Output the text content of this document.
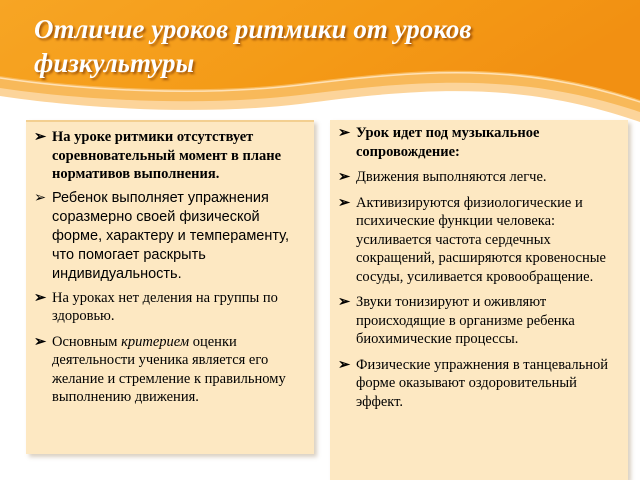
Отличие уроков ритмики от уроков физкультуры
➢ На уроке ритмики отсутствует соревновательный момент в плане нормативов выполнения.
➢ Ребенок выполняет упражнения соразмерно своей физической форме, характеру и темпераменту, что помогает раскрыть индивидуальность.
➢ На уроках нет деления на группы по здоровью.
➢ Основным критерием оценки деятельности ученика является его желание и стремление к правильному выполнению движения.
➢ Урок идет под музыкальное сопровождение:
➢ Движения выполняются легче.
➢ Активизируются физиологические и психические функции человека: усиливается частота сердечных сокращений, расширяются кровеносные сосуды, усиливается кровообращение.
➢ Звуки тонизируют и оживляют происходящие в организме ребенка биохимические процессы.
➢ Физические упражнения в танцевальной форме оказывают оздоровительный эффект.
